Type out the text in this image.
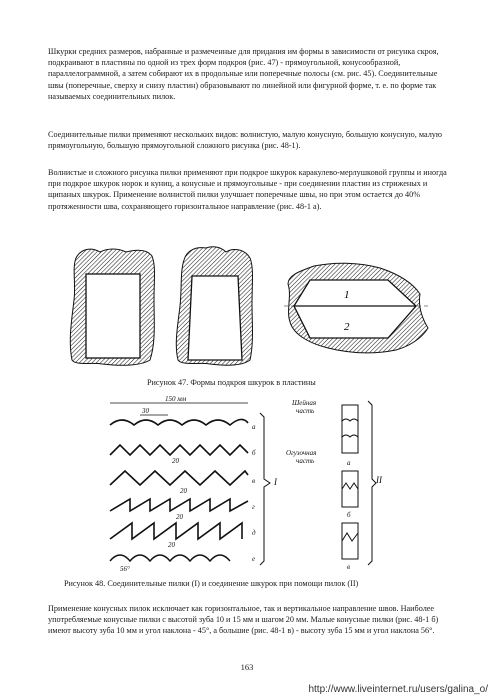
Шкурки средних размеров, набранные и размеченные для придания им формы в зависимости от рисунка скроя, подкраивают в пластины по одной из трех форм подкроя (рис. 47) - прямоугольной, конусообразной, параллелограммной, а затем собирают их в продольные или поперечные полосы (см. рис. 45). Соединительные швы (поперечные, сверху и снизу пластин) образовывают по линейной или фигурной форме, т. е. по форме так называемых соединительных пилок.

Соединительные пилки применяют нескольких видов: волнистую, малую конусную, большую конусную, малую прямоугольную, большую прямоугольной сложного рисунка (рис. 48-1).

Волнистые и сложного рисунка пилки применяют при подкрое шкурок каракулево-мерлушковой группы и иногда при подкрое шкурок норок и куниц, а конусные и прямоугольные - при соединении пластин из стриженых и щипаных шкурок. Применение волнистой пилки улучшает поперечные швы, но при этом остается до 40% протяженности шва, сохраняющего горизонтальное направление (рис. 48-1 а).

1
2

Рисунок 47. Формы подкроя шкурок в пластины

150 мм
30
а
20
б
20
в
20
г
20
д
56°
е
I
Шейная
часть
Огузочная
часть	а
б
в
II

Рисунок 48. Соединительные пилки (I) и соединение шкурок при помощи пилок (II)

Применение конусных пилок исключает как горизонтальное, так и вертикальное направление швов. Наиболее употребляемые конусные пилки с высотой зуба 10 и 15 мм и шагом 20 мм. Малые конусные пилки (рис. 48-1 б) имеют высоту зуба 10 мм и угол наклона - 45°, а большие (рис. 48-1 в) - высоту зуба 15 мм и угол наклона 56°.

163
http://www.liveinternet.ru/users/galina_o/
